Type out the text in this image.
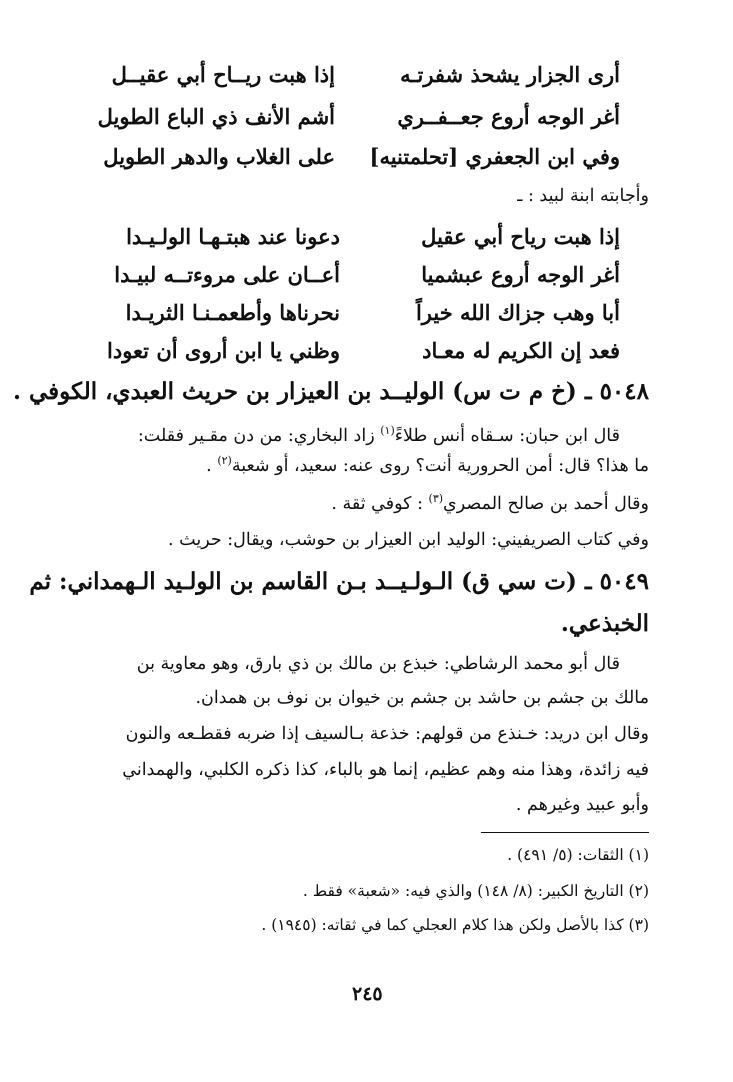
أرى الجزار يشحذ شفرتـه
إذا هبت ريــاح أبي عقيــل
أغر الوجه أروع جعــفــري
أشم الأنف ذي الباع الطويل
وفي ابن الجعفري [تحلمتنيه]
على الغلاب والدهر الطويل
وأجابته ابنة لبيد : ـ
إذا هبت رياح أبي عقيل
دعونا عند هبتـهـا الولـيـدا
أغر الوجه أروع عبشميا
أعــان على مروءتــه لبيـدا
أبا وهب جزاك الله خيراً
نحرناها وأطعمـنـا الثريـدا
فعد إن الكريم له معـاد
وظني يا ابن أروى أن تعودا
٥٠٤٨ ـ (خ م ت س) الوليــد بن العيزار بن حريث العبدي، الكوفي .
قال ابن حبان: سـقاه أنس طلاءً$^{(١)}$ زاد البخاري: من دن مقـير فقلت:
ما هذا؟ قال: أمن الحرورية أنت؟ روى عنه: سعيد، أو شعبة$^{(٢)}$ .
وقال أحمد بن صالح المصري$^{(٣)}$ : كوفي ثقة .
وفي كتاب الصريفيني: الوليد ابن العيزار بن حوشب، ويقال: حريث .
٥٠٤٩ ـ (ت سي ق) الـولـيــد بـن القاسم بن الولـيد الـهمداني: ثم
الخبذعي.
قال أبو محمد الرشاطي: خبذع بن مالك بن ذي بارق، وهو معاوية بن
مالك بن جشم بن حاشد بن جشم بن خيوان بن نوف بن همدان.
وقال ابن دريد: خـنذع من قولهم: خذعة بـالسيف إذا ضربه فقطـعه والنون
فيه زائدة، وهذا منه وهم عظيم، إنما هو بالباء، كذا ذكره الكلبي، والهمداني
وأبو عبيد وغيرهم .
(١) الثقات: (٥/ ٤٩١) .
(٢) التاريخ الكبير: (٨/ ١٤٨) والذي فيه: «شعبة» فقط .
(٣) كذا بالأصل ولكن هذا كلام العجلي كما في ثقاته: (١٩٤٥) .
٢٤٥
